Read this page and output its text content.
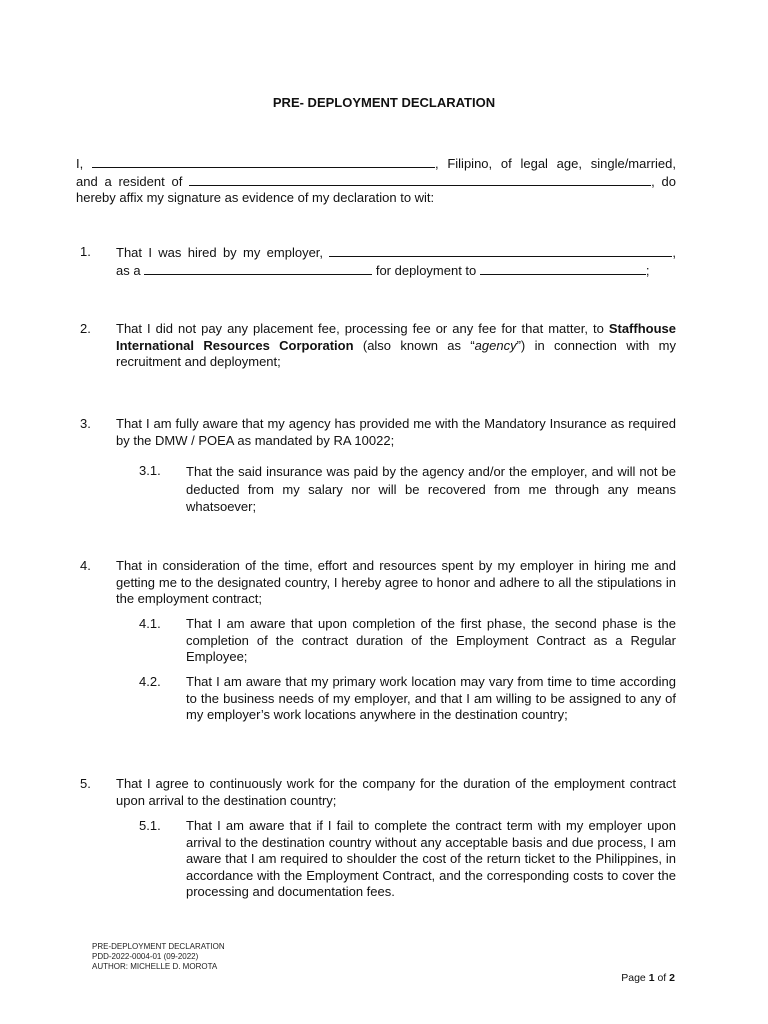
PRE- DEPLOYMENT DECLARATION
I,	, Filipino, of legal age, single/married,
and a resident of	, do
hereby affix my signature as evidence of my declaration to wit:
1. That I was hired by my employer,	,
as a	for deployment to	;
2. That I did not pay any placement fee, processing fee or any fee for that matter, to Staffhouse International Resources Corporation (also known as “agency”) in connection with my recruitment and deployment;
3. That I am fully aware that my agency has provided me with the Mandatory Insurance as required by the DMW / POEA as mandated by RA 10022;
3.1. That the said insurance was paid by the agency and/or the employer, and will not be deducted from my salary nor will be recovered from me through any means whatsoever;
4. That in consideration of the time, effort and resources spent by my employer in hiring me and getting me to the designated country, I hereby agree to honor and adhere to all the stipulations in the employment contract;
4.1. That I am aware that upon completion of the first phase, the second phase is the completion of the contract duration of the Employment Contract as a Regular Employee;
4.2. That I am aware that my primary work location may vary from time to time according to the business needs of my employer, and that I am willing to be assigned to any of my employer’s work locations anywhere in the destination country;
5. That I agree to continuously work for the company for the duration of the employment contract upon arrival to the destination country;
5.1. That I am aware that if I fail to complete the contract term with my employer upon arrival to the destination country without any acceptable basis and due process, I am aware that I am required to shoulder the cost of the return ticket to the Philippines, in accordance with the Employment Contract, and the corresponding costs to cover the processing and documentation fees.
PRE-DEPLOYMENT DECLARATION
PDD-2022-0004-01 (09-2022)
AUTHOR: MICHELLE D. MOROTA
Page 1 of 2
